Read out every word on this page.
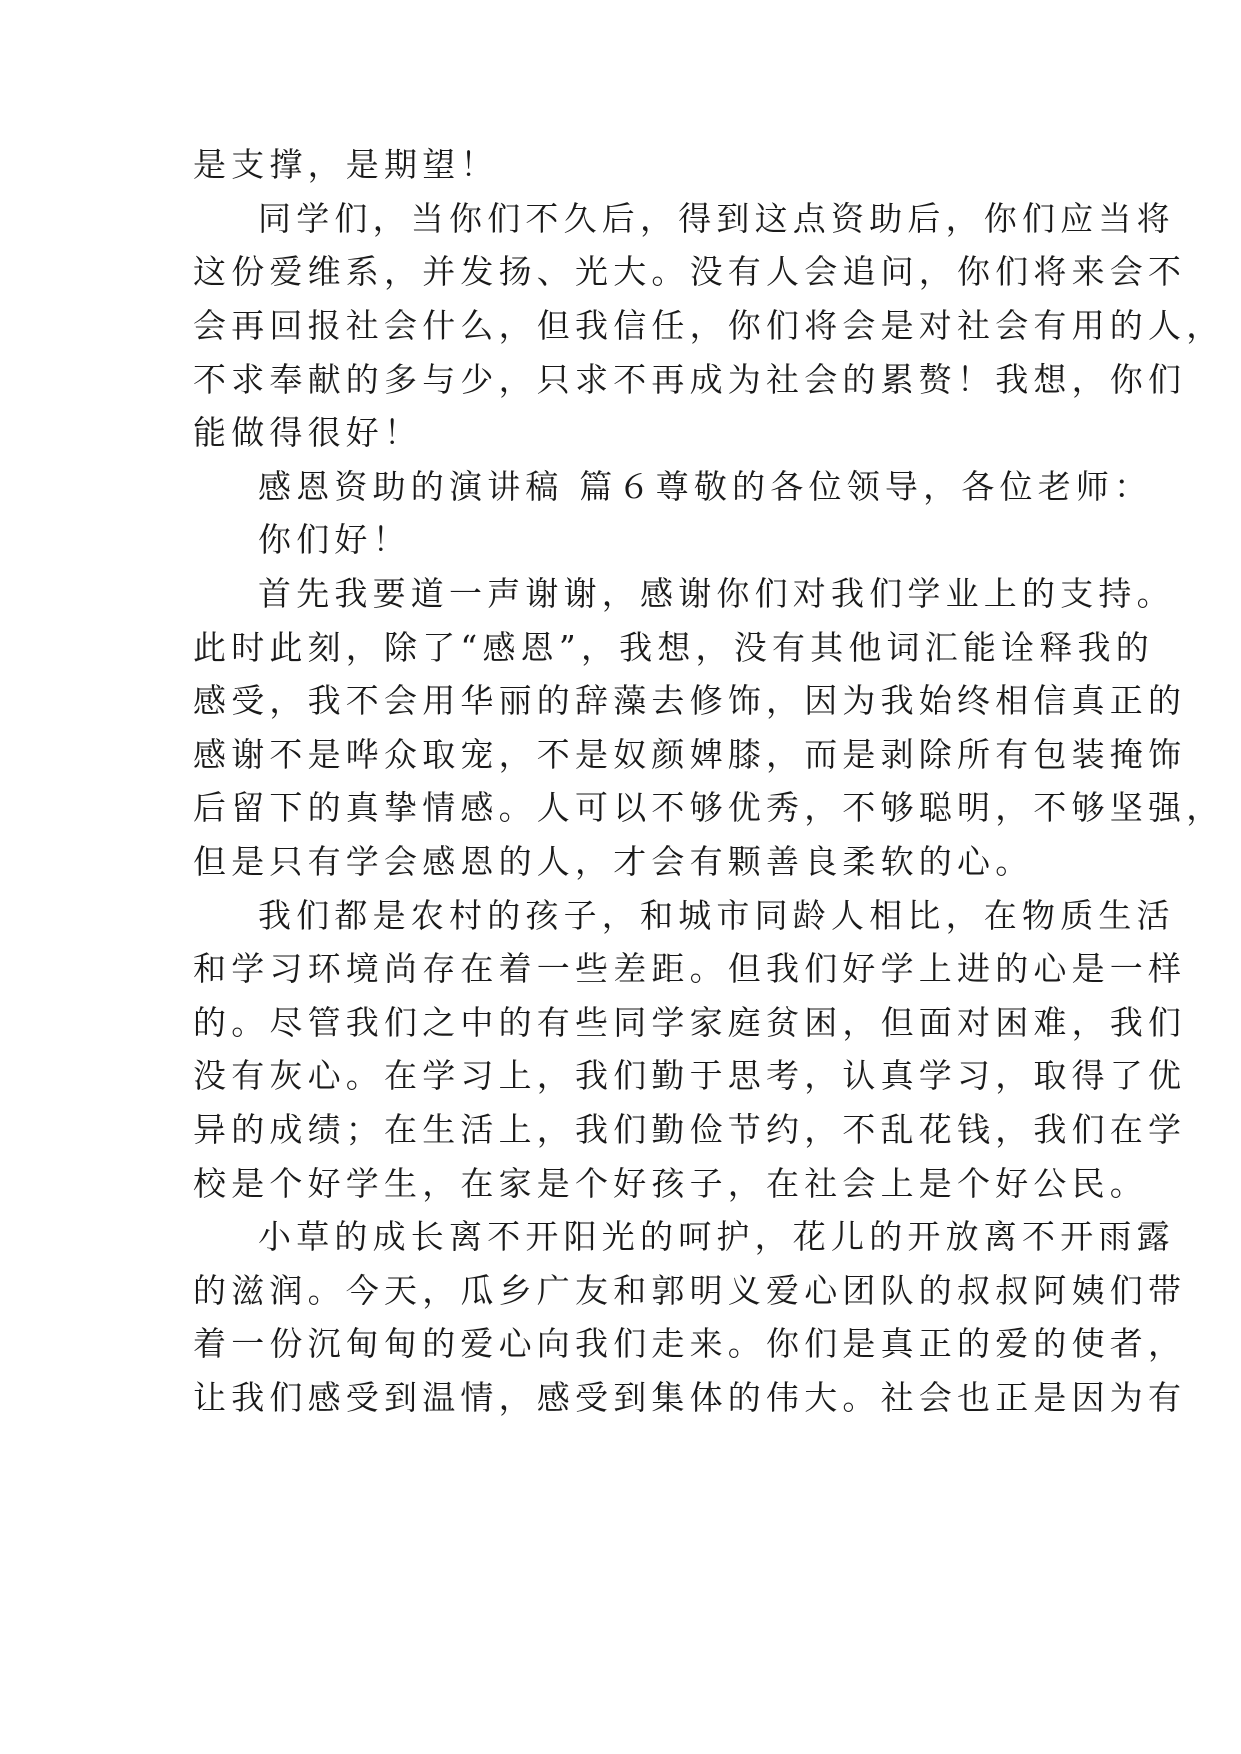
是支撑，是期望！
同学们，当你们不久后，得到这点资助后，你们应当将
这份爱维系，并发扬、光大。没有人会追问，你们将来会不
会再回报社会什么，但我信任，你们将会是对社会有用的人，
不求奉献的多与少，只求不再成为社会的累赘！我想，你们
能做得很好！
感恩资助的演讲稿 篇６尊敬的各位领导，各位老师：
你们好！
首先我要道一声谢谢，感谢你们对我们学业上的支持。
此时此刻，除了“感恩”，我想，没有其他词汇能诠释我的
感受，我不会用华丽的辞藻去修饰，因为我始终相信真正的
感谢不是哗众取宠，不是奴颜婢膝，而是剥除所有包装掩饰
后留下的真挚情感。人可以不够优秀，不够聪明，不够坚强，
但是只有学会感恩的人，才会有颗善良柔软的心。
我们都是农村的孩子，和城市同龄人相比，在物质生活
和学习环境尚存在着一些差距。但我们好学上进的心是一样
的。尽管我们之中的有些同学家庭贫困，但面对困难，我们
没有灰心。在学习上，我们勤于思考，认真学习，取得了优
异的成绩；在生活上，我们勤俭节约，不乱花钱，我们在学
校是个好学生，在家是个好孩子，在社会上是个好公民。
小草的成长离不开阳光的呵护，花儿的开放离不开雨露
的滋润。今天，瓜乡广友和郭明义爱心团队的叔叔阿姨们带
着一份沉甸甸的爱心向我们走来。你们是真正的爱的使者，
让我们感受到温情，感受到集体的伟大。社会也正是因为有
